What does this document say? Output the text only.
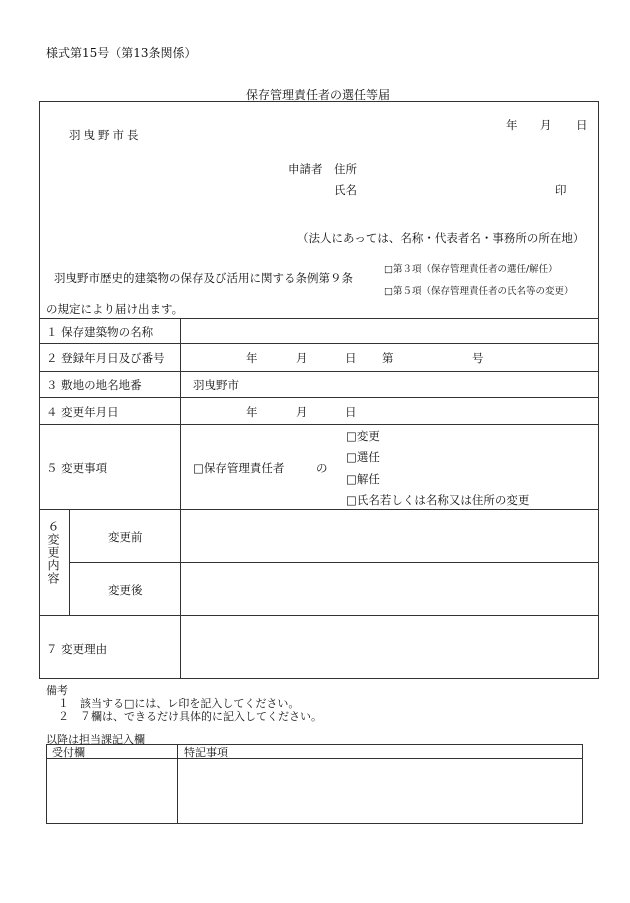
様式第15号（第13条関係）
保存管理責任者の選任等届
年 月 日
羽曳野市長
申請者 住所
氏名	印
（法人にあっては、名称・代表者名・事務所の所在地）
羽曳野市歴史的建築物の保存及び活用に関する条例第９条
□第３項（保存管理責任者の選任/解任）
□第５項（保存管理責任者の氏名等の変更）
の規定により届け出ます。
１ 保存建築物の名称
２ 登録年月日及び番号	年	月	日 第	号
３ 敷地の地名地番	羽曳野市
４ 変更年月日	年	月	日
５ 変更事項	□保存管理責任者	の
□変更
□選任
□解任
□氏名若しくは名称又は住所の変更
６変更内容	変更前
変更後
７ 変更理由
備考
１　該当する□には、レ印を記入してください。
２　７欄は、できるだけ具体的に記入してください。
以降は担当課記入欄
受付欄	特記事項
